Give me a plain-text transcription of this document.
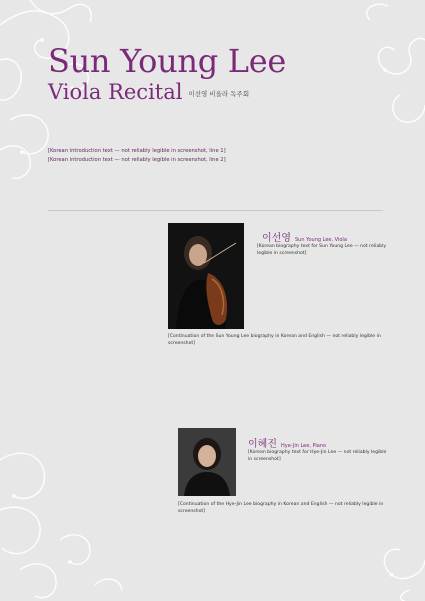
Sun Young Lee
Viola Recital 이선영 비올라 독주회

[Korean introduction text — not reliably legible in screenshot, line 1]

[Korean introduction text — not reliably legible in screenshot, line 2]

이선영 Sun Young Lee, Viola

[Korean biography text for Sun Young Lee — not reliably legible in screenshot]

[Continuation of the Sun Young Lee biography in Korean and English — not reliably legible in screenshot]

이혜진 Hye-Jin Lee, Piano

[Korean biography text for Hye-Jin Lee — not reliably legible in screenshot]

[Continuation of the Hye-Jin Lee biography in Korean and English — not reliably legible in screenshot]
